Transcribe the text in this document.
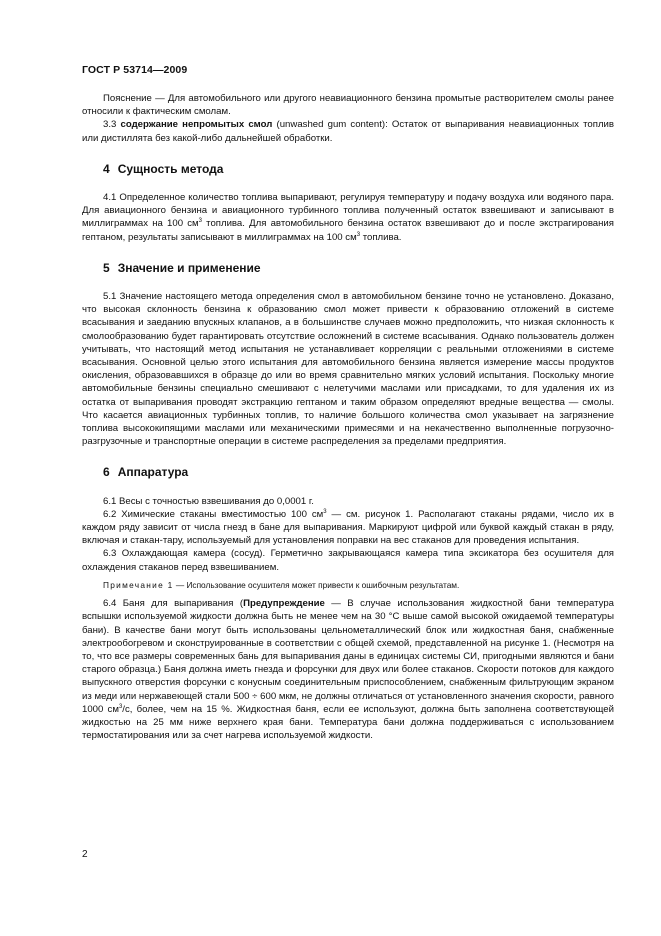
ГОСТ Р 53714—2009

Пояснение — Для автомобильного или другого неавиационного бензина промытые растворителем смолы ранее относили к фактическим смолам.

3.3 содержание непромытых смол (unwashed gum content): Остаток от выпаривания неавиационных топлив или дистиллята без какой-либо дальнейшей обработки.

4 Сущность метода

4.1 Определенное количество топлива выпаривают, регулируя температуру и подачу воздуха или водяного пара. Для авиационного бензина и авиационного турбинного топлива полученный остаток взвешивают и записывают в миллиграммах на 100 $см^3$ топлива. Для автомобильного бензина остаток взвешивают до и после экстрагирования гептаном, результаты записывают в миллиграммах на 100 $см^3$ топлива.

5 Значение и применение

5.1 Значение настоящего метода определения смол в автомобильном бензине точно не установлено. Доказано, что высокая склонность бензина к образованию смол может привести к образованию отложений в системе всасывания и заеданию впускных клапанов, а в большинстве случаев можно предположить, что низкая склонность к смолообразованию будет гарантировать отсутствие осложнений в системе всасывания. Однако пользователь должен учитывать, что настоящий метод испытания не устанавливает корреляции с реальными отложениями в системе всасывания. Основной целью этого испытания для автомобильного бензина является измерение массы продуктов окисления, образовавшихся в образце до или во время сравнительно мягких условий испытания. Поскольку многие автомобильные бензины специально смешивают с нелетучими маслами или присадками, то для удаления их из остатка от выпаривания проводят экстракцию гептаном и таким образом определяют вредные вещества — смолы. Что касается авиационных турбинных топлив, то наличие большого количества смол указывает на загрязнение топлива высококипящими маслами или механическими примесями и на некачественно выполненные погрузочно-разгрузочные и транспортные операции в системе распределения за пределами предприятия.

6 Аппаратура

6.1 Весы с точностью взвешивания до 0,0001 г.

6.2 Химические стаканы вместимостью 100 $см^3$ — см. рисунок 1. Располагают стаканы рядами, число их в каждом ряду зависит от числа гнезд в бане для выпаривания. Маркируют цифрой или буквой каждый стакан в ряду, включая и стакан-тару, используемый для установления поправки на вес стаканов для проведения испытания.

6.3 Охлаждающая камера (сосуд). Герметично закрывающаяся камера типа эксикатора без осушителя для охлаждения стаканов перед взвешиванием.

Примечание 1 — Использование осушителя может привести к ошибочным результатам.

6.4 Баня для выпаривания (Предупреждение — В случае использования жидкостной бани температура вспышки используемой жидкости должна быть не менее чем на 30 °С выше самой высокой ожидаемой температуры бани). В качестве бани могут быть использованы цельнометаллический блок или жидкостная баня, снабженные электрообогревом и сконструированные в соответствии с общей схемой, представленной на рисунке 1. (Несмотря на то, что все размеры современных бань для выпаривания даны в единицах системы СИ, пригодными являются и бани старого образца.) Баня должна иметь гнезда и форсунки для двух или более стаканов. Скорости потоков для каждого выпускного отверстия форсунки с конусным соединительным приспособлением, снабженным фильтрующим экраном из меди или нержавеющей стали 500 ÷ 600 мкм, не должны отличаться от установленного значения скорости, равного 1000 $см^3/с$, более, чем на 15 %. Жидкостная баня, если ее используют, должна быть заполнена соответствующей жидкостью на 25 мм ниже верхнего края бани. Температура бани должна поддерживаться с использованием термостатирования или за счет нагрева используемой жидкости.

2
